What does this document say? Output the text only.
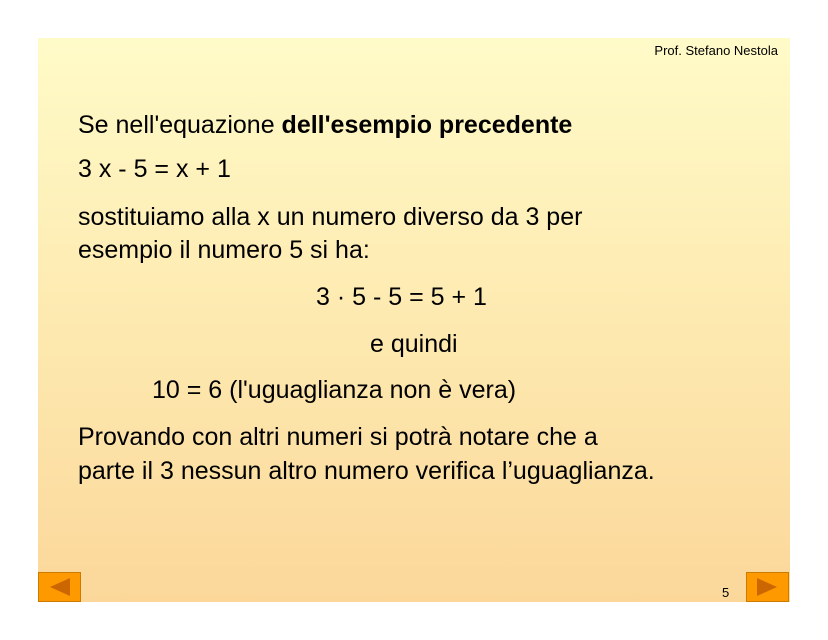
Prof. Stefano Nestola
Se nell'equazione dell'esempio precedente
3 x - 5 = x + 1
sostituiamo alla x un numero diverso da 3 per
esempio il numero 5 si ha:
3 · 5 - 5 = 5 + 1
e quindi
10 = 6 (l'uguaglianza non è vera)
Provando con altri numeri si potrà notare che a
parte il 3 nessun altro numero verifica l’uguaglianza.
5
